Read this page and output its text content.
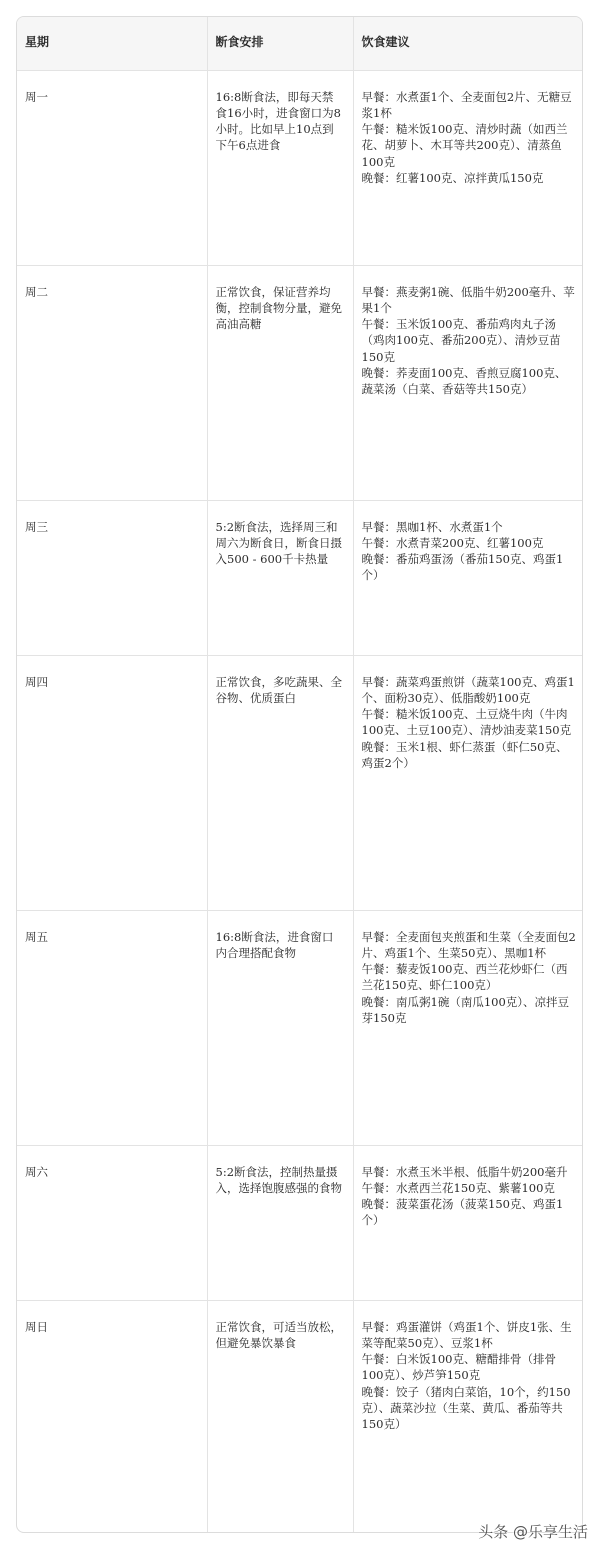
星期	断食安排	饮食建议
周一	16:8断食法，即每天禁食16小时，进食窗口为8小时。比如早上10点到下午6点进食	早餐：水煮蛋1个、全麦面包2片、无糖豆浆1杯
午餐：糙米饭100克、清炒时蔬（如西兰花、胡萝卜、木耳等共200克）、清蒸鱼100克
晚餐：红薯100克、凉拌黄瓜150克
周二	正常饮食，保证营养均衡，控制食物分量，避免高油高糖	早餐：燕麦粥1碗、低脂牛奶200毫升、苹果1个
午餐：玉米饭100克、番茄鸡肉丸子汤（鸡肉100克、番茄200克）、清炒豆苗150克
晚餐：荞麦面100克、香煎豆腐100克、蔬菜汤（白菜、香菇等共150克）
周三	5:2断食法，选择周三和周六为断食日，断食日摄入500 - 600千卡热量	早餐：黑咖1杯、水煮蛋1个
午餐：水煮青菜200克、红薯100克
晚餐：番茄鸡蛋汤（番茄150克、鸡蛋1个）
周四	正常饮食，多吃蔬果、全谷物、优质蛋白	早餐：蔬菜鸡蛋煎饼（蔬菜100克、鸡蛋1个、面粉30克）、低脂酸奶100克
午餐：糙米饭100克、土豆烧牛肉（牛肉100克、土豆100克）、清炒油麦菜150克
晚餐：玉米1根、虾仁蒸蛋（虾仁50克、鸡蛋2个）
周五	16:8断食法，进食窗口内合理搭配食物	早餐：全麦面包夹煎蛋和生菜（全麦面包2片、鸡蛋1个、生菜50克）、黑咖1杯
午餐：藜麦饭100克、西兰花炒虾仁（西兰花150克、虾仁100克）
晚餐：南瓜粥1碗（南瓜100克）、凉拌豆芽150克
周六	5:2断食法，控制热量摄入，选择饱腹感强的食物	早餐：水煮玉米半根、低脂牛奶200毫升
午餐：水煮西兰花150克、紫薯100克
晚餐：菠菜蛋花汤（菠菜150克、鸡蛋1个）
周日	正常饮食，可适当放松，但避免暴饮暴食	早餐：鸡蛋灌饼（鸡蛋1个、饼皮1张、生菜等配菜50克）、豆浆1杯
午餐：白米饭100克、糖醋排骨（排骨100克）、炒芦笋150克
晚餐：饺子（猪肉白菜馅，10个，约150克）、蔬菜沙拉（生菜、黄瓜、番茄等共150克）
头条 @乐享生活
